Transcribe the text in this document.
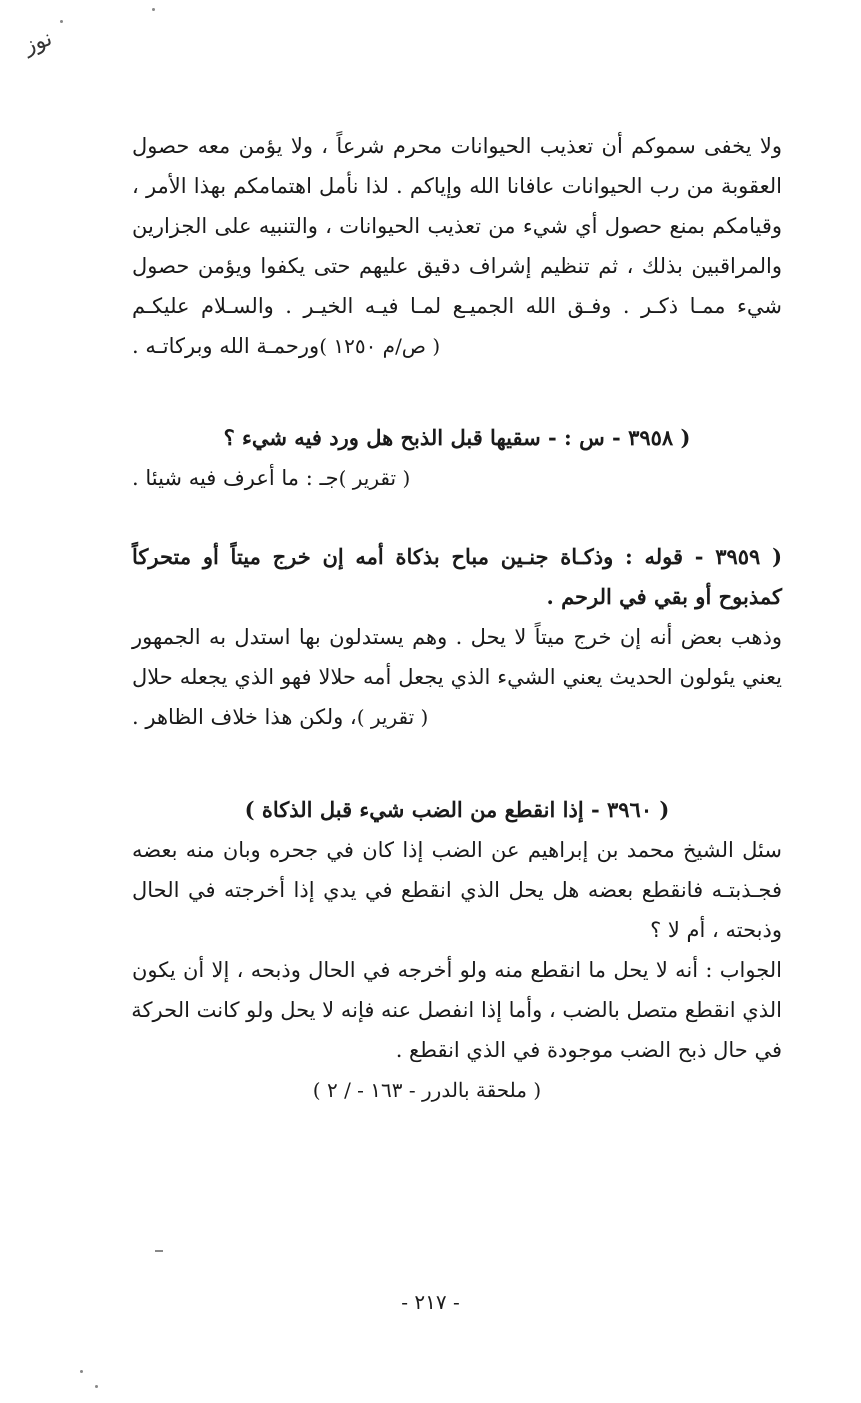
نوز
ولا يخفى سموكم أن تعذيب الحيوانات محرم شرعاً ، ولا يؤمن معه حصول
العقوبة من رب الحيوانات عافانا الله وإياكم . لذا نأمل اهتمامكم بهذا الأمر ،
وقيامكم بمنع حصول أي شيء من تعذيب الحيوانات ، والتنبيه على الجزارين
والمراقبين بذلك ، ثم تنظيم إشراف دقيق عليهم حتى يكفوا ويؤمن حصول
شيء ممـا ذكـر . وفـق الله الجميـع لمـا فيـه الخيـر . والسـلام عليكـم
ورحمـة الله وبركاتـه . ( ص/م ١٢٥٠ )
( ٣٩٥٨ - س : - سقيها قبل الذبح هل ورد فيه شيء ؟
جـ : ما أعرف فيه شيئا . ( تقرير )
( ٣٩٥٩ - قوله : وذكـاة جنـين مباح بذكاة أمه إن خرج ميتاً أو متحركاً
كمذبوح أو بقي في الرحم .
وذهب بعض أنه إن خرج ميتاً لا يحل . وهم يستدلون بها استدل به الجمهور
يعني يئولون الحديث يعني الشيء الذي يجعل أمه حلالا فهو الذي يجعله حلال
، ولكن هذا خلاف الظاهر . ( تقرير )
( ٣٩٦٠ - إذا انقطع من الضب شيء قبل الذكاة )
سئل الشيخ محمد بن إبراهيم عن الضب إذا كان في جحره وبان منه بعضه
فجـذبتـه فانقطع بعضه هل يحل الذي انقطع في يدي إذا أخرجته في الحال
وذبحته ، أم لا ؟
الجواب : أنه لا يحل ما انقطع منه ولو أخرجه في الحال وذبحه ، إلا أن يكون
الذي انقطع متصل بالضب ، وأما إذا انفصل عنه فإنه لا يحل ولو كانت الحركة
في حال ذبح الضب موجودة في الذي انقطع .
( ملحقة بالدرر - ١٦٣ - / ٢ )
- ٢١٧ -
